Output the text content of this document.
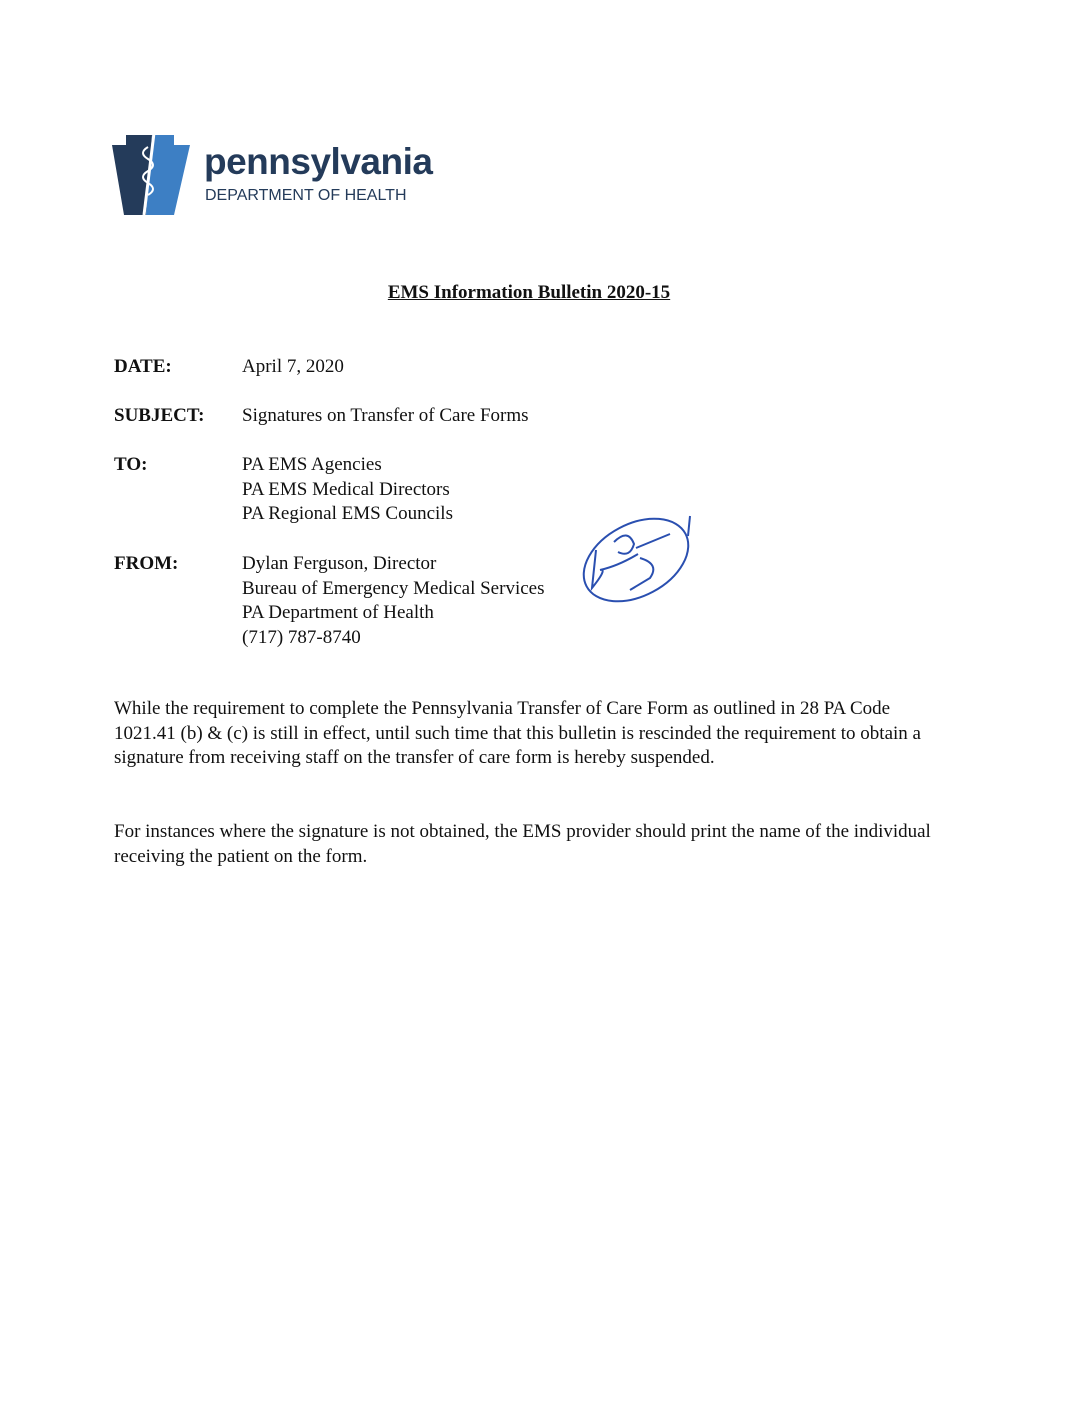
pennsylvania
DEPARTMENT OF HEALTH
EMS Information Bulletin 2020-15
DATE:	April 7, 2020
SUBJECT:	Signatures on Transfer of Care Forms
TO:	PA EMS Agencies
PA EMS Medical Directors
PA Regional EMS Councils
FROM:	Dylan Ferguson, Director
Bureau of Emergency Medical Services
PA Department of Health
(717) 787-8740
While the requirement to complete the Pennsylvania Transfer of Care Form as outlined in 28 PA Code 1021.41 (b) & (c) is still in effect, until such time that this bulletin is rescinded the requirement to obtain a signature from receiving staff on the transfer of care form is hereby suspended.
For instances where the signature is not obtained, the EMS provider should print the name of the individual receiving the patient on the form.
